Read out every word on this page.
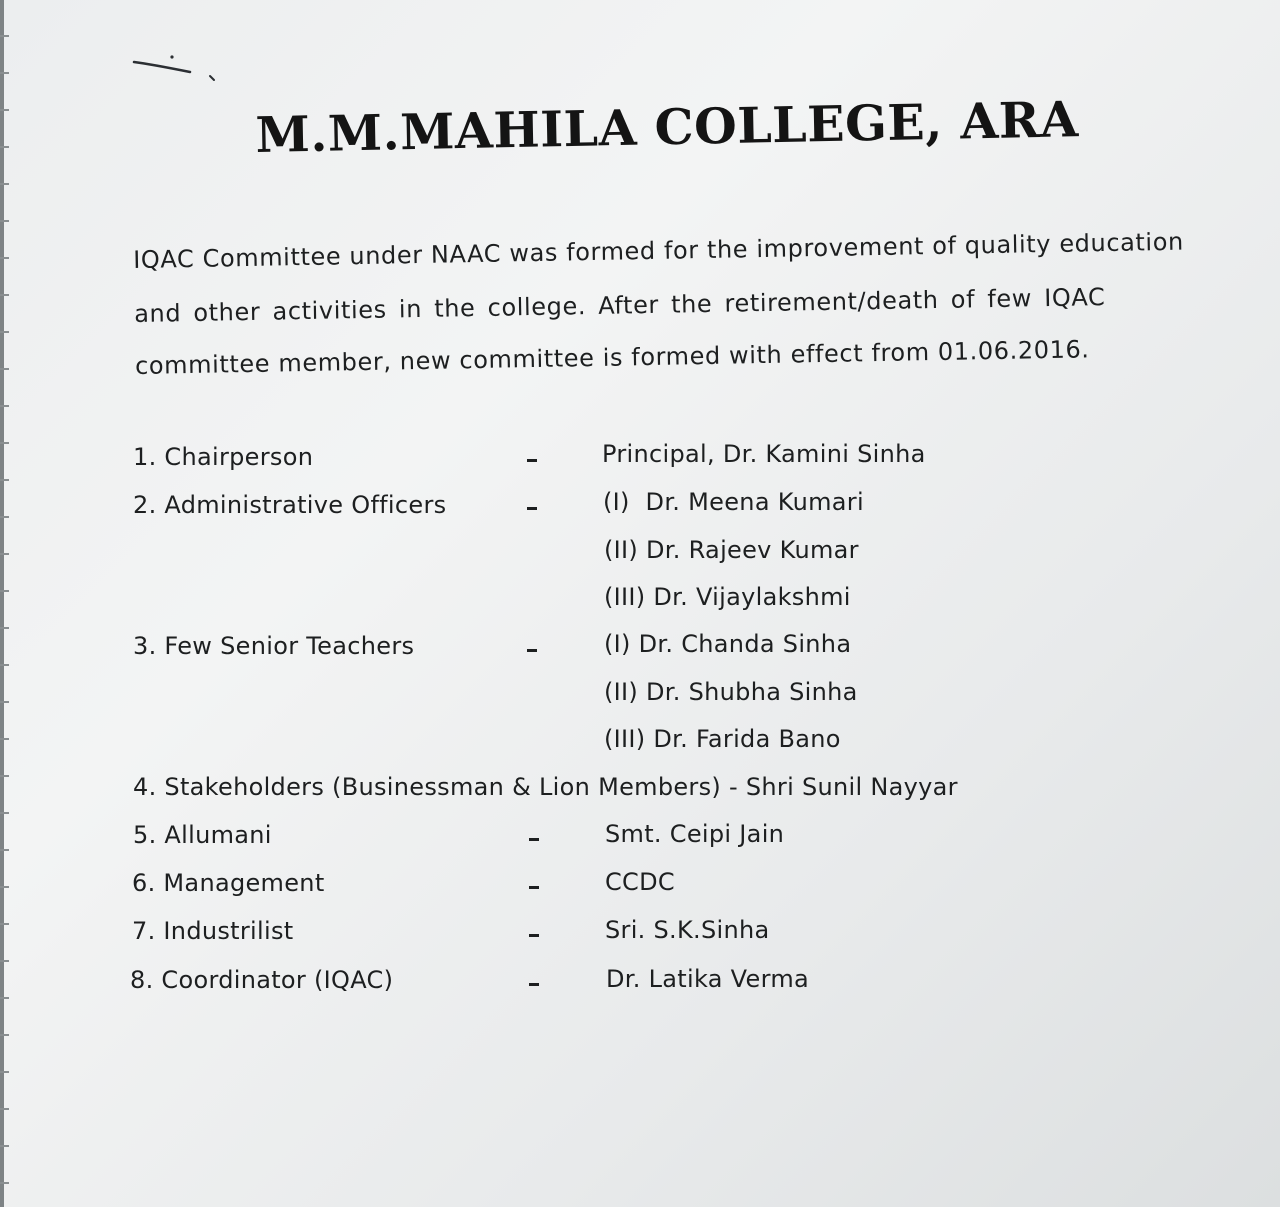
M.M.MAHILA COLLEGE, ARA
IQAC Committee under NAAC was formed for the improvement of quality education
and other activities in the college. After the retirement/death of few IQAC
committee member, new committee is formed with effect from 01.06.2016.
1. Chairperson	Principal, Dr. Kamini Sinha
2. Administrative Officers	(I)  Dr. Meena Kumari
(II) Dr. Rajeev Kumar
(III) Dr. Vijaylakshmi
3. Few Senior Teachers	(I) Dr. Chanda Sinha
(II) Dr. Shubha Sinha
(III) Dr. Farida Bano
4. Stakeholders (Businessman & Lion Members) - Shri Sunil Nayyar
5. Allumani	Smt. Ceipi Jain
6. Management	CCDC
7. Industrilist	Sri. S.K.Sinha
8. Coordinator (IQAC)	Dr. Latika Verma
